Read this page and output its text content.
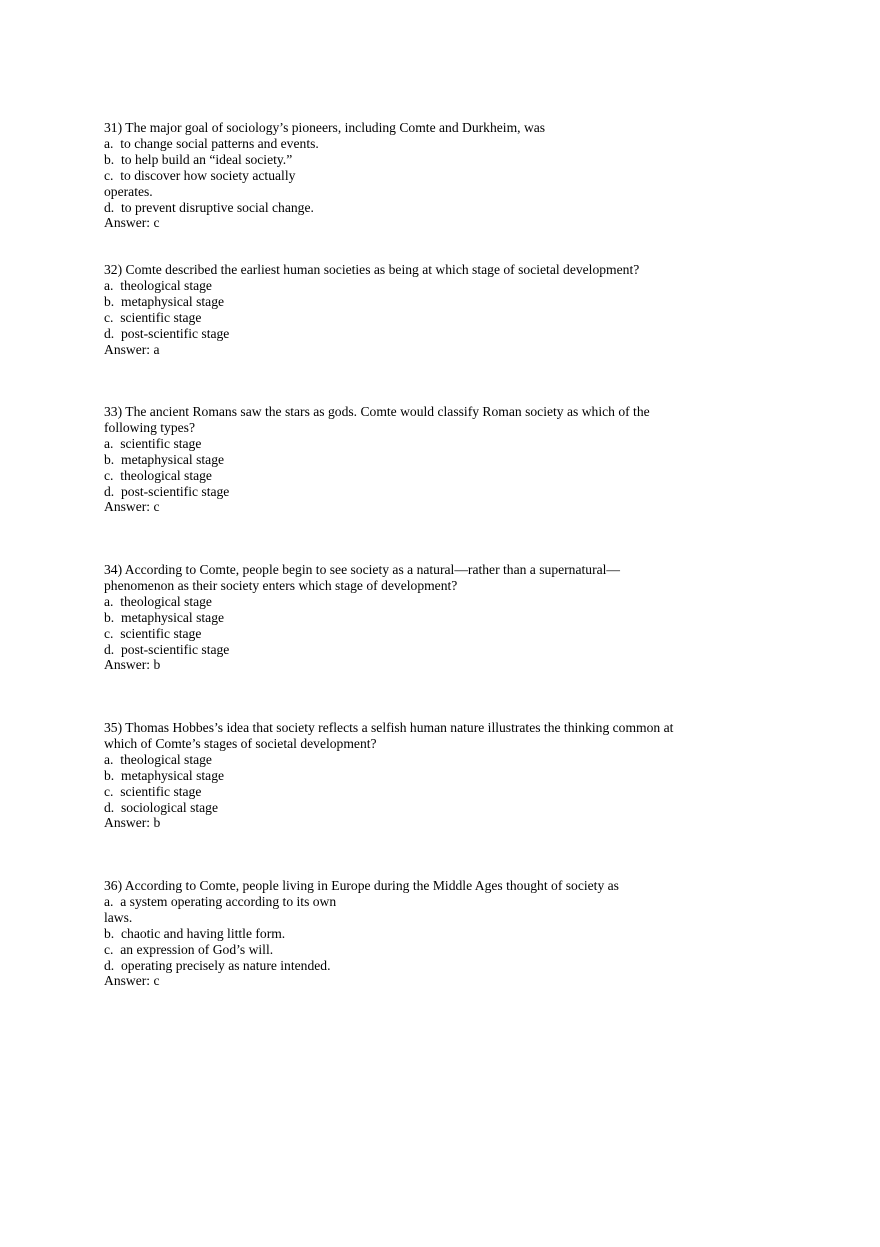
31) The major goal of sociology’s pioneers, including Comte and Durkheim, was
a.  to change social patterns and events.
b.  to help build an “ideal society.”
c.  to discover how society actually
operates.
d.  to prevent disruptive social change.
Answer: c
32) Comte described the earliest human societies as being at which stage of societal development?
a.  theological stage
b.  metaphysical stage
c.  scientific stage
d.  post-scientific stage
Answer: a
33) The ancient Romans saw the stars as gods. Comte would classify Roman society as which of the
following types?
a.  scientific stage
b.  metaphysical stage
c.  theological stage
d.  post-scientific stage
Answer: c
34) According to Comte, people begin to see society as a natural—rather than a supernatural—
phenomenon as their society enters which stage of development?
a.  theological stage
b.  metaphysical stage
c.  scientific stage
d.  post-scientific stage
Answer: b
35) Thomas Hobbes’s idea that society reflects a selfish human nature illustrates the thinking common at
which of Comte’s stages of societal development?
a.  theological stage
b.  metaphysical stage
c.  scientific stage
d.  sociological stage
Answer: b
36) According to Comte, people living in Europe during the Middle Ages thought of society as
a.  a system operating according to its own
laws.
b.  chaotic and having little form.
c.  an expression of God’s will.
d.  operating precisely as nature intended.
Answer: c
